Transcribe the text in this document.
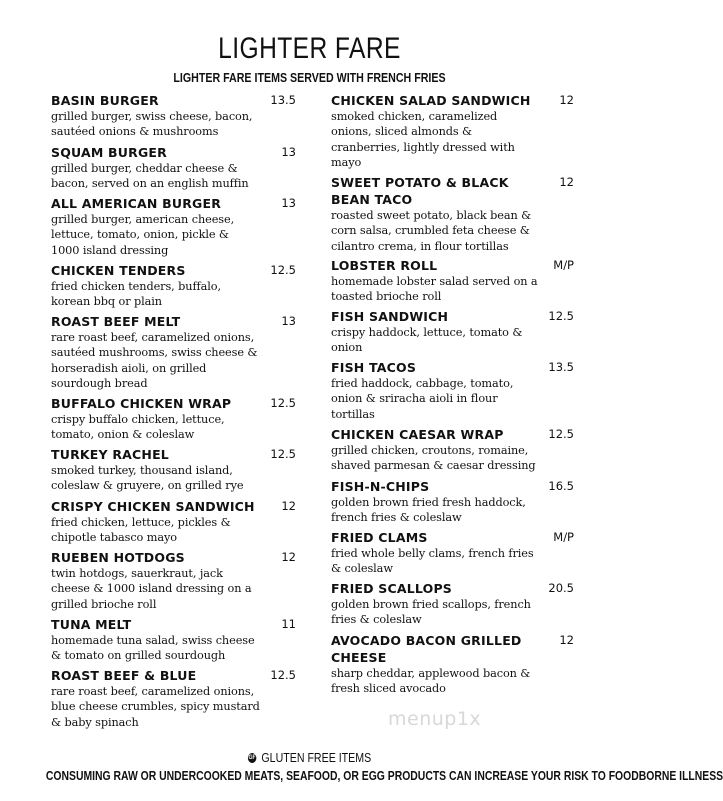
LIGHTER FARE
LIGHTER FARE ITEMS SERVED WITH FRENCH FRIES
BASIN BURGER	13.5
grilled burger, swiss cheese, bacon,
sautéed onions & mushrooms
SQUAM BURGER	13
grilled burger, cheddar cheese &
bacon, served on an english muffin
ALL AMERICAN BURGER	13
grilled burger, american cheese,
lettuce, tomato, onion, pickle &
1000 island dressing
CHICKEN TENDERS	12.5
fried chicken tenders, buffalo,
korean bbq or plain
ROAST BEEF MELT	13
rare roast beef, caramelized onions,
sautéed mushrooms, swiss cheese &
horseradish aioli, on grilled
sourdough bread
BUFFALO CHICKEN WRAP	12.5
crispy buffalo chicken, lettuce,
tomato, onion & coleslaw
TURKEY RACHEL	12.5
smoked turkey, thousand island,
coleslaw & gruyere, on grilled rye
CRISPY CHICKEN SANDWICH 12
fried chicken, lettuce, pickles &
chipotle tabasco mayo
RUEBEN HOTDOGS	12
twin hotdogs, sauerkraut, jack
cheese & 1000 island dressing on a
grilled brioche roll
TUNA MELT	11
homemade tuna salad, swiss cheese
& tomato on grilled sourdough
ROAST BEEF & BLUE	12.5
rare roast beef, caramelized onions,
blue cheese crumbles, spicy mustard
& baby spinach
CHICKEN SALAD SANDWICH	12
smoked chicken, caramelized
onions, sliced almonds &
cranberries, lightly dressed with
mayo
SWEET POTATO & BLACK BEAN TACO
12
roasted sweet potato, black bean &
corn salsa, crumbled feta cheese &
cilantro crema, in flour tortillas
LOBSTER ROLL	M/P
homemade lobster salad served on a
toasted brioche roll
FISH SANDWICH	12.5
crispy haddock, lettuce, tomato &
onion
FISH TACOS	13.5
fried haddock, cabbage, tomato,
onion & sriracha aioli in flour
tortillas
CHICKEN CAESAR WRAP	12.5
grilled chicken, croutons, romaine,
shaved parmesan & caesar dressing
FISH-N-CHIPS	16.5
golden brown fried fresh haddock,
french fries & coleslaw
FRIED CLAMS	M/P
fried whole belly clams, french fries
& coleslaw
FRIED SCALLOPS	20.5
golden brown fried scallops, french
fries & coleslaw
AVOCADO BACON GRILLED CHEESE
12
sharp cheddar, applewood bacon &
fresh sliced avocado
menup1x
GF GLUTEN FREE ITEMS
CONSUMING RAW OR UNDERCOOKED MEATS, SEAFOOD, OR EGG PRODUCTS CAN INCREASE YOUR RISK TO FOODBORNE ILLNESS
